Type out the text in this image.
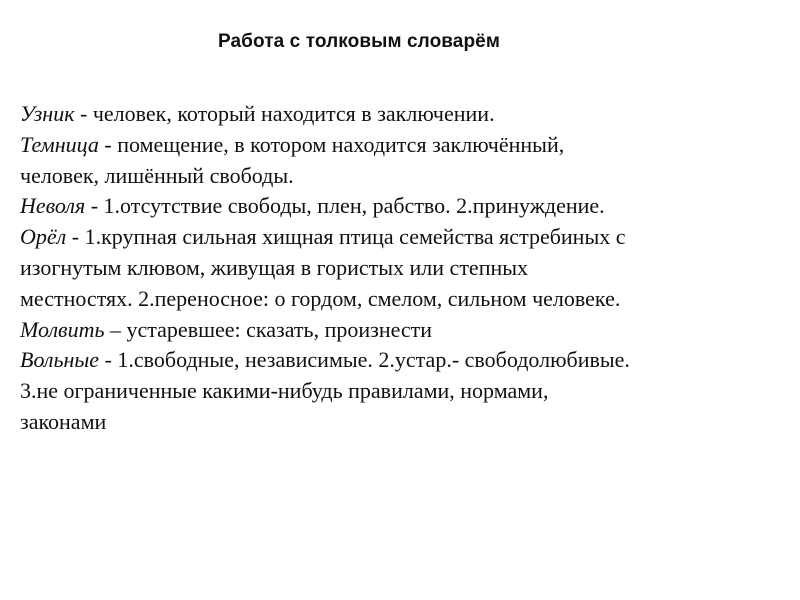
Работа с толковым словарём
Узник - человек, который находится в заключении.
Темница - помещение, в котором находится заключённый,
человек, лишённый свободы.
Неволя - 1.отсутствие свободы, плен, рабство. 2.принуждение.
Орёл - 1.крупная сильная хищная птица семейства ястребиных с
изогнутым клювом, живущая в гористых или степных
местностях. 2.переносное: о гордом, смелом, сильном человеке.
Молвить – устаревшее: сказать, произнести
Вольные - 1.свободные, независимые. 2.устар.- свободолюбивые.
3.не ограниченные какими-нибудь правилами, нормами,
законами
